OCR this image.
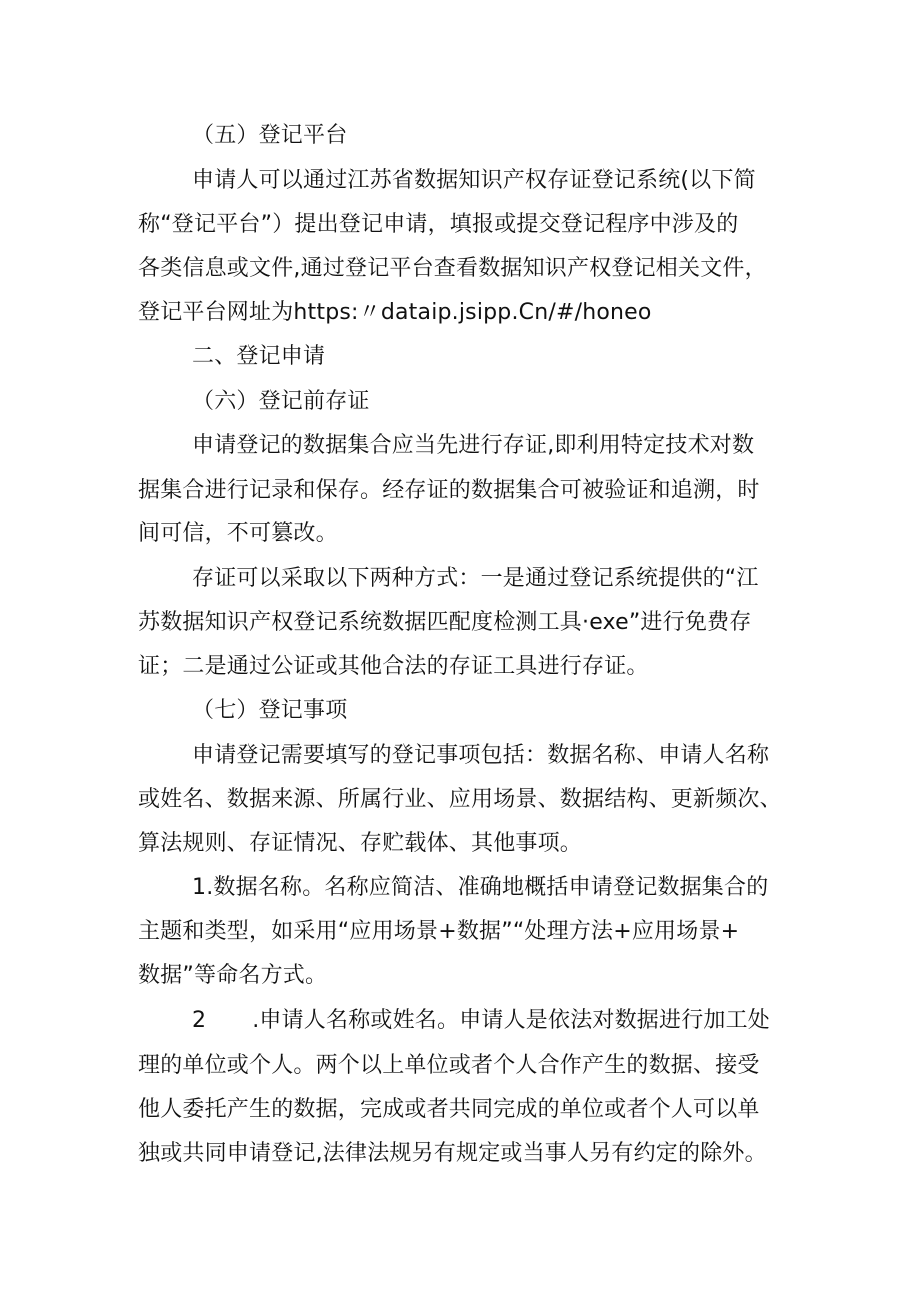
（五）登记平台
申请人可以通过江苏省数据知识产权存证登记系统(以下简
称“登记平台”）提出登记申请，填报或提交登记程序中涉及的
各类信息或文件,通过登记平台查看数据知识产权登记相关文件，
登记平台网址为https:〃dataip.jsipp.Cn/#/honeo
二、登记申请
（六）登记前存证
申请登记的数据集合应当先进行存证,即利用特定技术对数
据集合进行记录和保存。经存证的数据集合可被验证和追溯，时
间可信，不可篡改。
存证可以采取以下两种方式：一是通过登记系统提供的“江
苏数据知识产权登记系统数据匹配度检测工具·exe”进行免费存
证；二是通过公证或其他合法的存证工具进行存证。
（七）登记事项
申请登记需要填写的登记事项包括：数据名称、申请人名称
或姓名、数据来源、所属行业、应用场景、数据结构、更新频次、
算法规则、存证情况、存贮载体、其他事项。
1.数据名称。名称应简洁、准确地概括申请登记数据集合的
主题和类型，如采用“应用场景+数据”“处理方法+应用场景+
数据”等命名方式。
2 .申请人名称或姓名。申请人是依法对数据进行加工处
理的单位或个人。两个以上单位或者个人合作产生的数据、接受
他人委托产生的数据，完成或者共同完成的单位或者个人可以单
独或共同申请登记,法律法规另有规定或当事人另有约定的除外。
